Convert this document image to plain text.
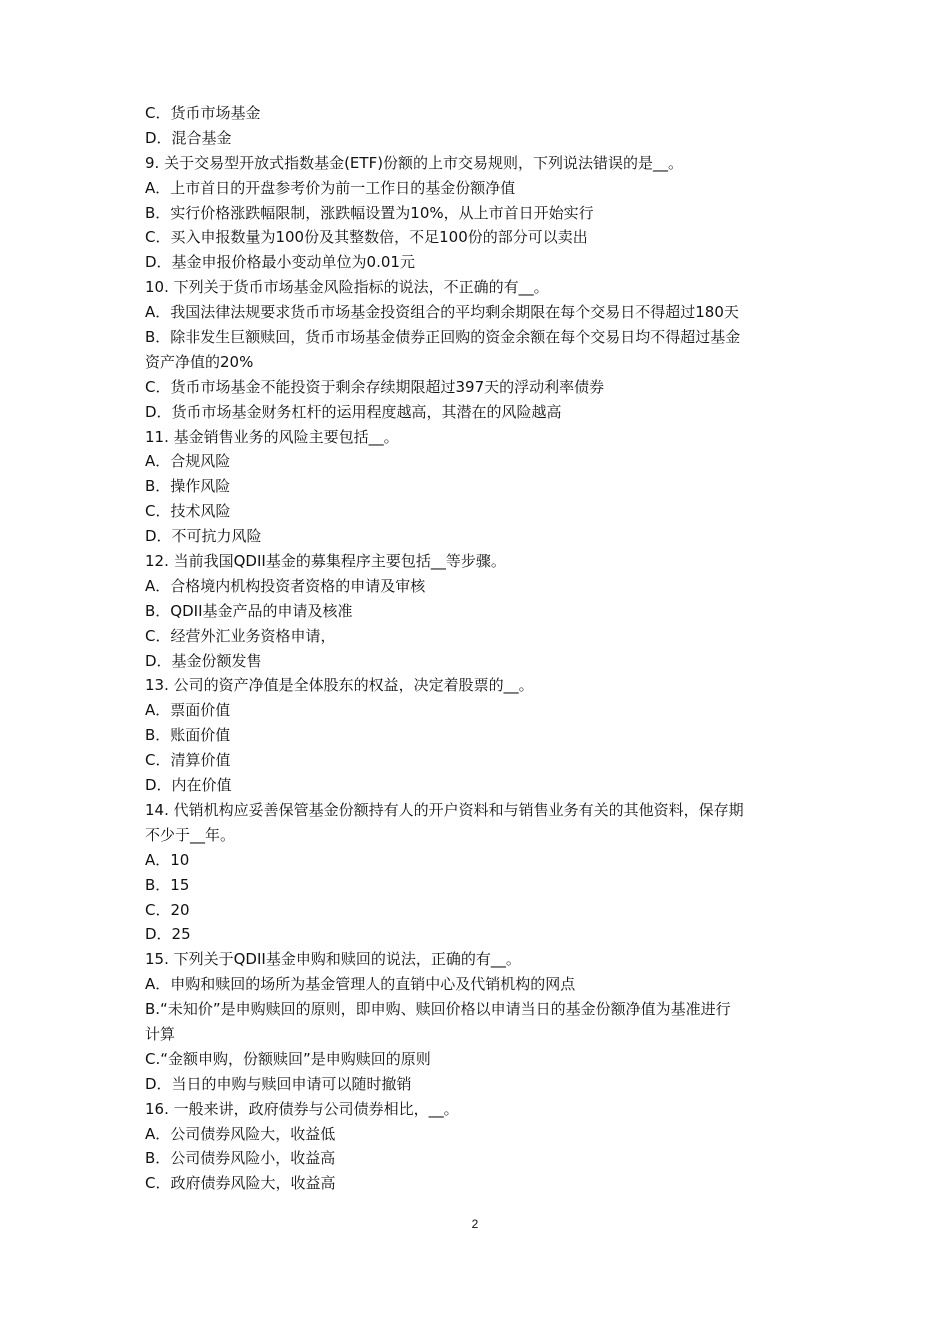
C．货币市场基金
D．混合基金
9. 关于交易型开放式指数基金(ETF)份额的上市交易规则，下列说法错误的是__。
A．上市首日的开盘参考价为前一工作日的基金份额净值
B．实行价格涨跌幅限制，涨跌幅设置为10%，从上市首日开始实行
C．买入申报数量为100份及其整数倍，不足100份的部分可以卖出
D．基金申报价格最小变动单位为0.01元
10. 下列关于货币市场基金风险指标的说法，不正确的有__。
A．我国法律法规要求货币市场基金投资组合的平均剩余期限在每个交易日不得超过180天
B．除非发生巨额赎回，货币市场基金债券正回购的资金余额在每个交易日均不得超过基金
资产净值的20%
C．货币市场基金不能投资于剩余存续期限超过397天的浮动利率债券
D．货币市场基金财务杠杆的运用程度越高，其潜在的风险越高
11. 基金销售业务的风险主要包括__。
A．合规风险
B．操作风险
C．技术风险
D．不可抗力风险
12. 当前我国QDII基金的募集程序主要包括__等步骤。
A．合格境内机构投资者资格的申请及审核
B．QDII基金产品的申请及核准
C．经营外汇业务资格申请，
D．基金份额发售
13. 公司的资产净值是全体股东的权益，决定着股票的__。
A．票面价值
B．账面价值
C．清算价值
D．内在价值
14. 代销机构应妥善保管基金份额持有人的开户资料和与销售业务有关的其他资料，保存期
不少于__年。
A．10
B．15
C．20
D．25
15. 下列关于QDII基金申购和赎回的说法，正确的有__。
A．申购和赎回的场所为基金管理人的直销中心及代销机构的网点
B.“未知价”是申购赎回的原则，即申购、赎回价格以申请当日的基金份额净值为基准进行
计算
C.“金额申购，份额赎回”是申购赎回的原则
D．当日的申购与赎回申请可以随时撤销
16. 一般来讲，政府债券与公司债券相比，__。
A．公司债券风险大，收益低
B．公司债券风险小，收益高
C．政府债券风险大，收益高
2
